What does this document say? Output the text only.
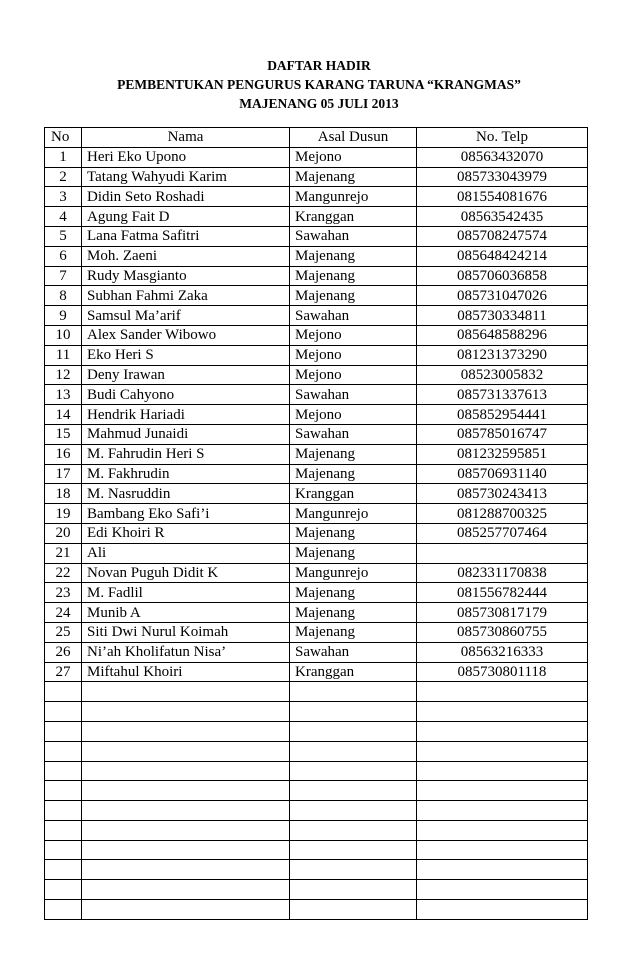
DAFTAR HADIR
PEMBENTUKAN PENGURUS KARANG TARUNA “KRANGMAS”
MAJENANG 05 JULI 2013
No	Nama	Asal Dusun	No. Telp
1	Heri Eko Upono	Mejono	08563432070
2	Tatang Wahyudi Karim	Majenang	085733043979
3	Didin Seto Roshadi	Mangunrejo	081554081676
4	Agung Fait D	Kranggan	08563542435
5	Lana Fatma Safitri	Sawahan	085708247574
6	Moh. Zaeni	Majenang	085648424214
7	Rudy Masgianto	Majenang	085706036858
8	Subhan Fahmi Zaka	Majenang	085731047026
9	Samsul Ma’arif	Sawahan	085730334811
10	Alex Sander Wibowo	Mejono	085648588296
11	Eko Heri S	Mejono	081231373290
12	Deny Irawan	Mejono	08523005832
13	Budi Cahyono	Sawahan	085731337613
14	Hendrik Hariadi	Mejono	085852954441
15	Mahmud Junaidi	Sawahan	085785016747
16	M. Fahrudin Heri S	Majenang	081232595851
17	M. Fakhrudin	Majenang	085706931140
18	M. Nasruddin	Kranggan	085730243413
19	Bambang Eko Safi’i	Mangunrejo	081288700325
20	Edi Khoiri R	Majenang	085257707464
21	Ali	Majenang	
22	Novan Puguh Didit K	Mangunrejo	082331170838
23	M. Fadlil	Majenang	081556782444
24	Munib A	Majenang	085730817179
25	Siti Dwi Nurul Koimah	Majenang	085730860755
26	Ni’ah Kholifatun Nisa’	Sawahan	08563216333
27	Miftahul Khoiri	Kranggan	085730801118
